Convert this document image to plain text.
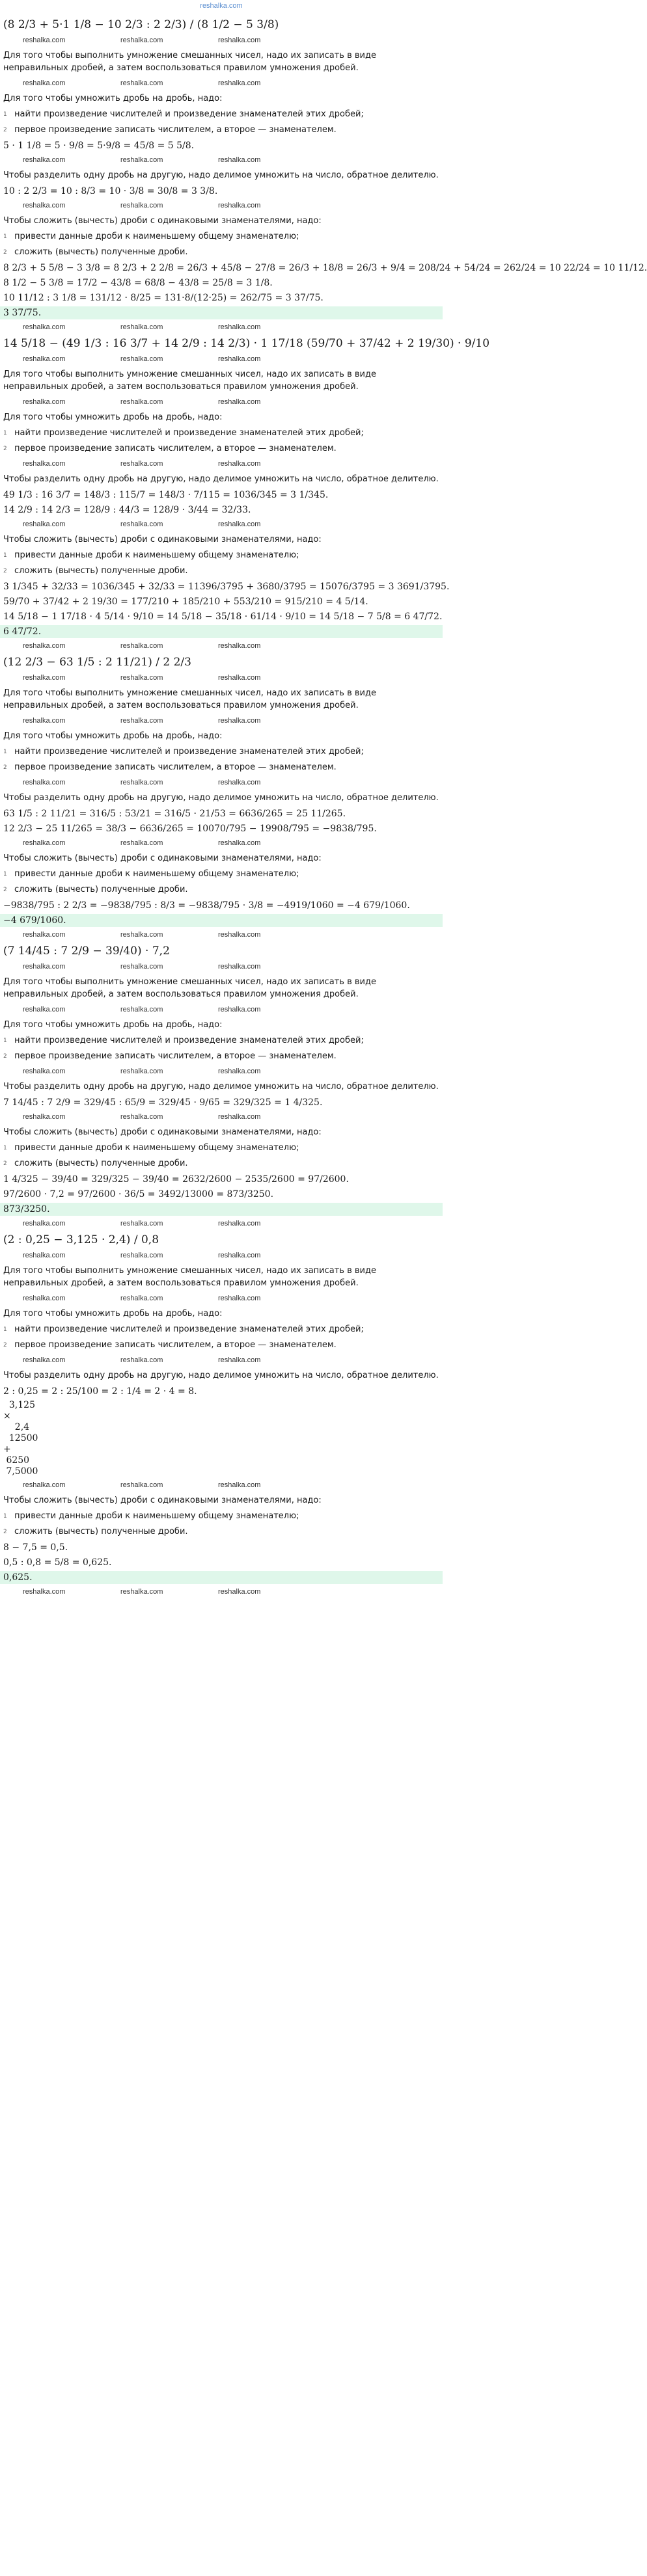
reshalka.com
(8 2/3 + 5·1 1/8 − 10 2/3 : 2 2/3) / (8 1/2 − 5 3/8)
reshalka.com	reshalka.com	reshalka.com
Для того чтобы выполнить умножение смешанных чисел, надо их записать в виде неправильных дробей, а затем воспользоваться правилом умножения дробей.
reshalka.com	reshalka.com	reshalka.com
Для того чтобы умножить дробь на дробь, надо:
1 найти произведение числителей и произведение знаменателей этих дробей;
2 первое произведение записать числителем, а второе — знаменателем.
5 · 1 1/8 = 5 · 9/8 = 5·9/8 = 45/8 = 5 5/8.
reshalka.com	reshalka.com	reshalka.com
Чтобы разделить одну дробь на другую, надо делимое умножить на число, обратное делителю.
10 : 2 2/3 = 10 : 8/3 = 10 · 3/8 = 30/8 = 3 3/8.
reshalka.com	reshalka.com	reshalka.com
Чтобы сложить (вычесть) дроби с одинаковыми знаменателями, надо:
1 привести данные дроби к наименьшему общему знаменателю;
2 сложить (вычесть) полученные дроби.
8 2/3 + 5 5/8 − 3 3/8 = 8 2/3 + 2 2/8 = 26/3 + 45/8 − 27/8 = 26/3 + 18/8 = 26/3 + 9/4 = 208/24 + 54/24 = 262/24 = 10 22/24 = 10 11/12.
8 1/2 − 5 3/8 = 17/2 − 43/8 = 68/8 − 43/8 = 25/8 = 3 1/8.
10 11/12 : 3 1/8 = 131/12 · 8/25 = 131·8/(12·25) = 262/75 = 3 37/75.
3 37/75.
reshalka.com	reshalka.com	reshalka.com
14 5/18 − (49 1/3 : 16 3/7 + 14 2/9 : 14 2/3) · 1 17/18 (59/70 + 37/42 + 2 19/30) · 9/10
reshalka.com	reshalka.com	reshalka.com
Для того чтобы выполнить умножение смешанных чисел, надо их записать в виде неправильных дробей, а затем воспользоваться правилом умножения дробей.
reshalka.com	reshalka.com	reshalka.com
Для того чтобы умножить дробь на дробь, надо:
1 найти произведение числителей и произведение знаменателей этих дробей;
2 первое произведение записать числителем, а второе — знаменателем.
reshalka.com	reshalka.com	reshalka.com
Чтобы разделить одну дробь на другую, надо делимое умножить на число, обратное делителю.
49 1/3 : 16 3/7 = 148/3 : 115/7 = 148/3 · 7/115 = 1036/345 = 3 1/345.
14 2/9 : 14 2/3 = 128/9 : 44/3 = 128/9 · 3/44 = 32/33.
reshalka.com	reshalka.com	reshalka.com
Чтобы сложить (вычесть) дроби с одинаковыми знаменателями, надо:
1 привести данные дроби к наименьшему общему знаменателю;
2 сложить (вычесть) полученные дроби.
3 1/345 + 32/33 = 1036/345 + 32/33 = 11396/3795 + 3680/3795 = 15076/3795 = 3 3691/3795.
59/70 + 37/42 + 2 19/30 = 177/210 + 185/210 + 553/210 = 915/210 = 4 5/14.
14 5/18 − 1 17/18 · 4 5/14 · 9/10 = 14 5/18 − 35/18 · 61/14 · 9/10 = 14 5/18 − 7 5/8 = 6 47/72.
6 47/72.
reshalka.com	reshalka.com	reshalka.com
(12 2/3 − 63 1/5 : 2 11/21) / 2 2/3
reshalka.com	reshalka.com	reshalka.com
Для того чтобы выполнить умножение смешанных чисел, надо их записать в виде неправильных дробей, а затем воспользоваться правилом умножения дробей.
reshalka.com	reshalka.com	reshalka.com
Для того чтобы умножить дробь на дробь, надо:
1 найти произведение числителей и произведение знаменателей этих дробей;
2 первое произведение записать числителем, а второе — знаменателем.
reshalka.com	reshalka.com	reshalka.com
Чтобы разделить одну дробь на другую, надо делимое умножить на число, обратное делителю.
63 1/5 : 2 11/21 = 316/5 : 53/21 = 316/5 · 21/53 = 6636/265 = 25 11/265.
12 2/3 − 25 11/265 = 38/3 − 6636/265 = 10070/795 − 19908/795 = −9838/795.
reshalka.com	reshalka.com	reshalka.com
Чтобы сложить (вычесть) дроби с одинаковыми знаменателями, надо:
1 привести данные дроби к наименьшему общему знаменателю;
2 сложить (вычесть) полученные дроби.
−9838/795 : 2 2/3 = −9838/795 : 8/3 = −9838/795 · 3/8 = −4919/1060 = −4 679/1060.
−4 679/1060.
reshalka.com	reshalka.com	reshalka.com
(7 14/45 : 7 2/9 − 39/40) · 7,2
reshalka.com	reshalka.com	reshalka.com
Для того чтобы выполнить умножение смешанных чисел, надо их записать в виде неправильных дробей, а затем воспользоваться правилом умножения дробей.
reshalka.com	reshalka.com	reshalka.com
Для того чтобы умножить дробь на дробь, надо:
1 найти произведение числителей и произведение знаменателей этих дробей;
2 первое произведение записать числителем, а второе — знаменателем.
reshalka.com	reshalka.com	reshalka.com
Чтобы разделить одну дробь на другую, надо делимое умножить на число, обратное делителю.
7 14/45 : 7 2/9 = 329/45 : 65/9 = 329/45 · 9/65 = 329/325 = 1 4/325.
reshalka.com	reshalka.com	reshalka.com
Чтобы сложить (вычесть) дроби с одинаковыми знаменателями, надо:
1 привести данные дроби к наименьшему общему знаменателю;
2 сложить (вычесть) полученные дроби.
1 4/325 − 39/40 = 329/325 − 39/40 = 2632/2600 − 2535/2600 = 97/2600.
97/2600 · 7,2 = 97/2600 · 36/5 = 3492/13000 = 873/3250.
873/3250.
reshalka.com	reshalka.com	reshalka.com
(2 : 0,25 − 3,125 · 2,4) / 0,8
reshalka.com	reshalka.com	reshalka.com
Для того чтобы выполнить умножение смешанных чисел, надо их записать в виде неправильных дробей, а затем воспользоваться правилом умножения дробей.
reshalka.com	reshalka.com	reshalka.com
Для того чтобы умножить дробь на дробь, надо:
1 найти произведение числителей и произведение знаменателей этих дробей;
2 первое произведение записать числителем, а второе — знаменателем.
reshalka.com	reshalka.com	reshalka.com
Чтобы разделить одну дробь на другую, надо делимое умножить на число, обратное делителю.
2 : 0,25 = 2 : 25/100 = 2 : 1/4 = 2 · 4 = 8.
3,125
×
2,4
12500
+
6250
7,5000
reshalka.com	reshalka.com	reshalka.com
Чтобы сложить (вычесть) дроби с одинаковыми знаменателями, надо:
1 привести данные дроби к наименьшему общему знаменателю;
2 сложить (вычесть) полученные дроби.
8 − 7,5 = 0,5.
0,5 : 0,8 = 5/8 = 0,625.
0,625.
reshalka.com	reshalka.com	reshalka.com
